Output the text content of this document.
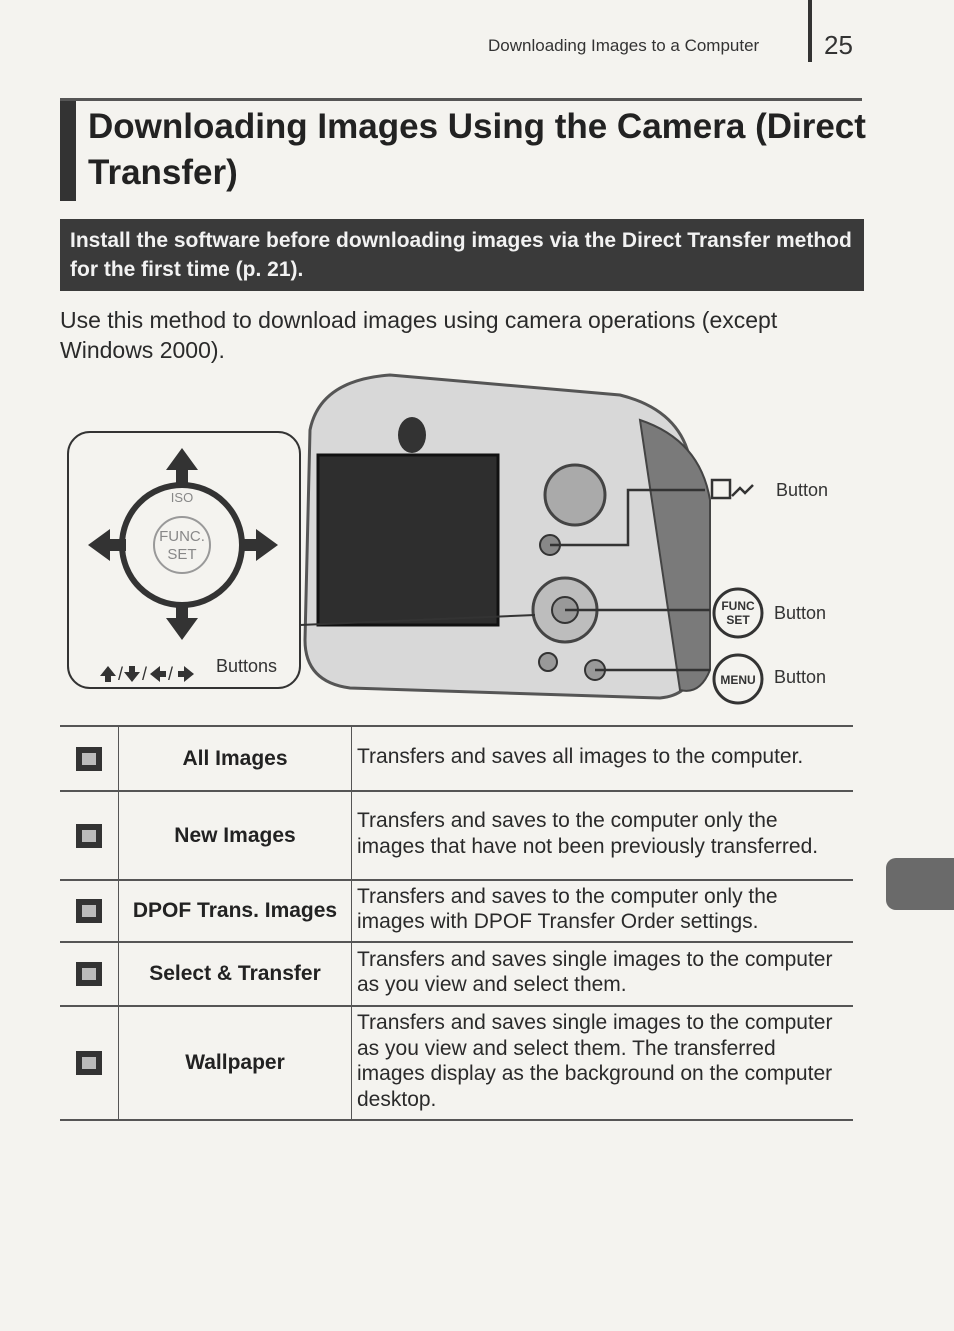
Downloading Images to a Computer 25
Downloading Images Using the Camera (Direct Transfer)
Install the software before downloading images via the Direct Transfer method for the first time (p. 21).
Use this method to download images using camera operations (except Windows 2000).
FUNC.
SET
ISO
/ / / Buttons
Button
FUNC
SET Button
MENU Button
	All Images	Transfers and saves all images to the computer.
	New Images	Transfers and saves to the computer only the images that have not been previously transferred.
	DPOF Trans. Images	Transfers and saves to the computer only the images with DPOF Transfer Order settings.
	Select & Transfer	Transfers and saves single images to the computer as you view and select them.
	Wallpaper	Transfers and saves single images to the computer as you view and select them. The transferred images display as the background on the computer desktop.
